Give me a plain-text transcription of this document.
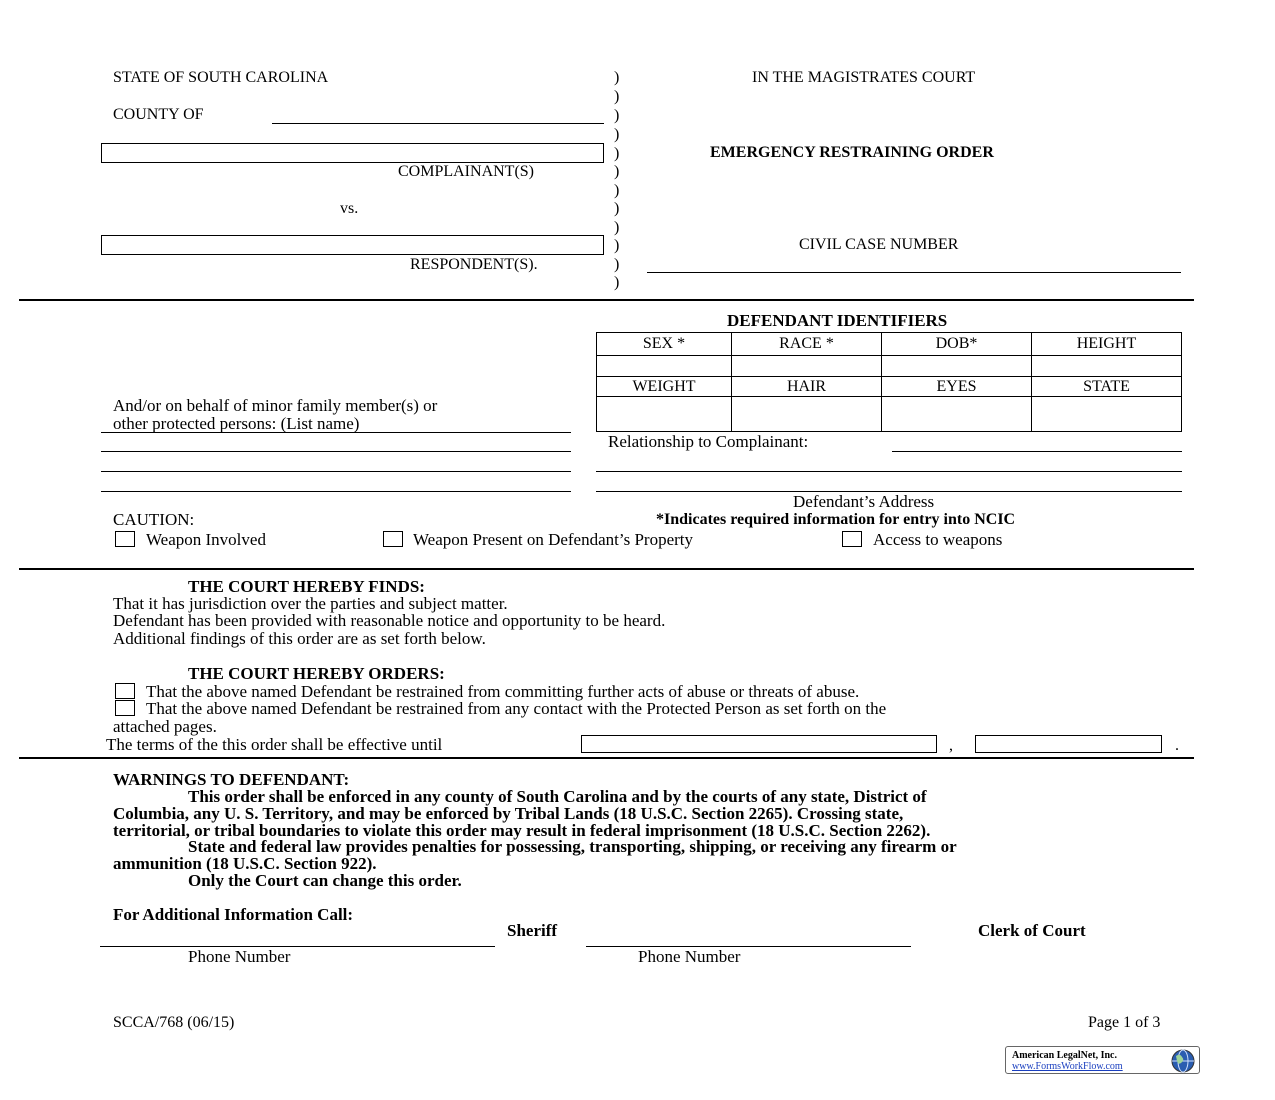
STATE OF SOUTH CAROLINA
COUNTY OF
COMPLAINANT(S)
vs.
RESPONDENT(S).
)
)
)
)
)
)
)
)
)
)
)
)
IN THE MAGISTRATES COURT
EMERGENCY RESTRAINING ORDER
CIVIL CASE NUMBER
DEFENDANT IDENTIFIERS
SEX *	RACE *	DOB*	HEIGHT

WEIGHT	HAIR	EYES	STATE

And/or on behalf of minor family member(s) or
other protected persons: (List name)
Relationship to Complainant:
Defendant’s Address
CAUTION:	*Indicates required information for entry into NCIC
Weapon Involved	Weapon Present on Defendant’s Property	Access to weapons
THE COURT HEREBY FINDS:
That it has jurisdiction over the parties and subject matter.
Defendant has been provided with reasonable notice and opportunity to be heard.
Additional findings of this order are as set forth below.
THE COURT HEREBY ORDERS:
That the above named Defendant be restrained from committing further acts of abuse or threats of abuse.
That the above named Defendant be restrained from any contact with the Protected Person as set forth on the
attached pages.
The terms of the this order shall be effective until	,	.
WARNINGS TO DEFENDANT:
This order shall be enforced in any county of South Carolina and by the courts of any state, District of
Columbia, any U. S. Territory, and may be enforced by Tribal Lands (18 U.S.C. Section 2265). Crossing state,
territorial, or tribal boundaries to violate this order may result in federal imprisonment (18 U.S.C. Section 2262).
State and federal law provides penalties for possessing, transporting, shipping, or receiving any firearm or
ammunition (18 U.S.C. Section 922).
Only the Court can change this order.
For Additional Information Call:
Sheriff	Clerk of Court
Phone Number	Phone Number
SCCA/768 (06/15)	Page 1 of 3
American LegalNet, Inc.
www.FormsWorkFlow.com
